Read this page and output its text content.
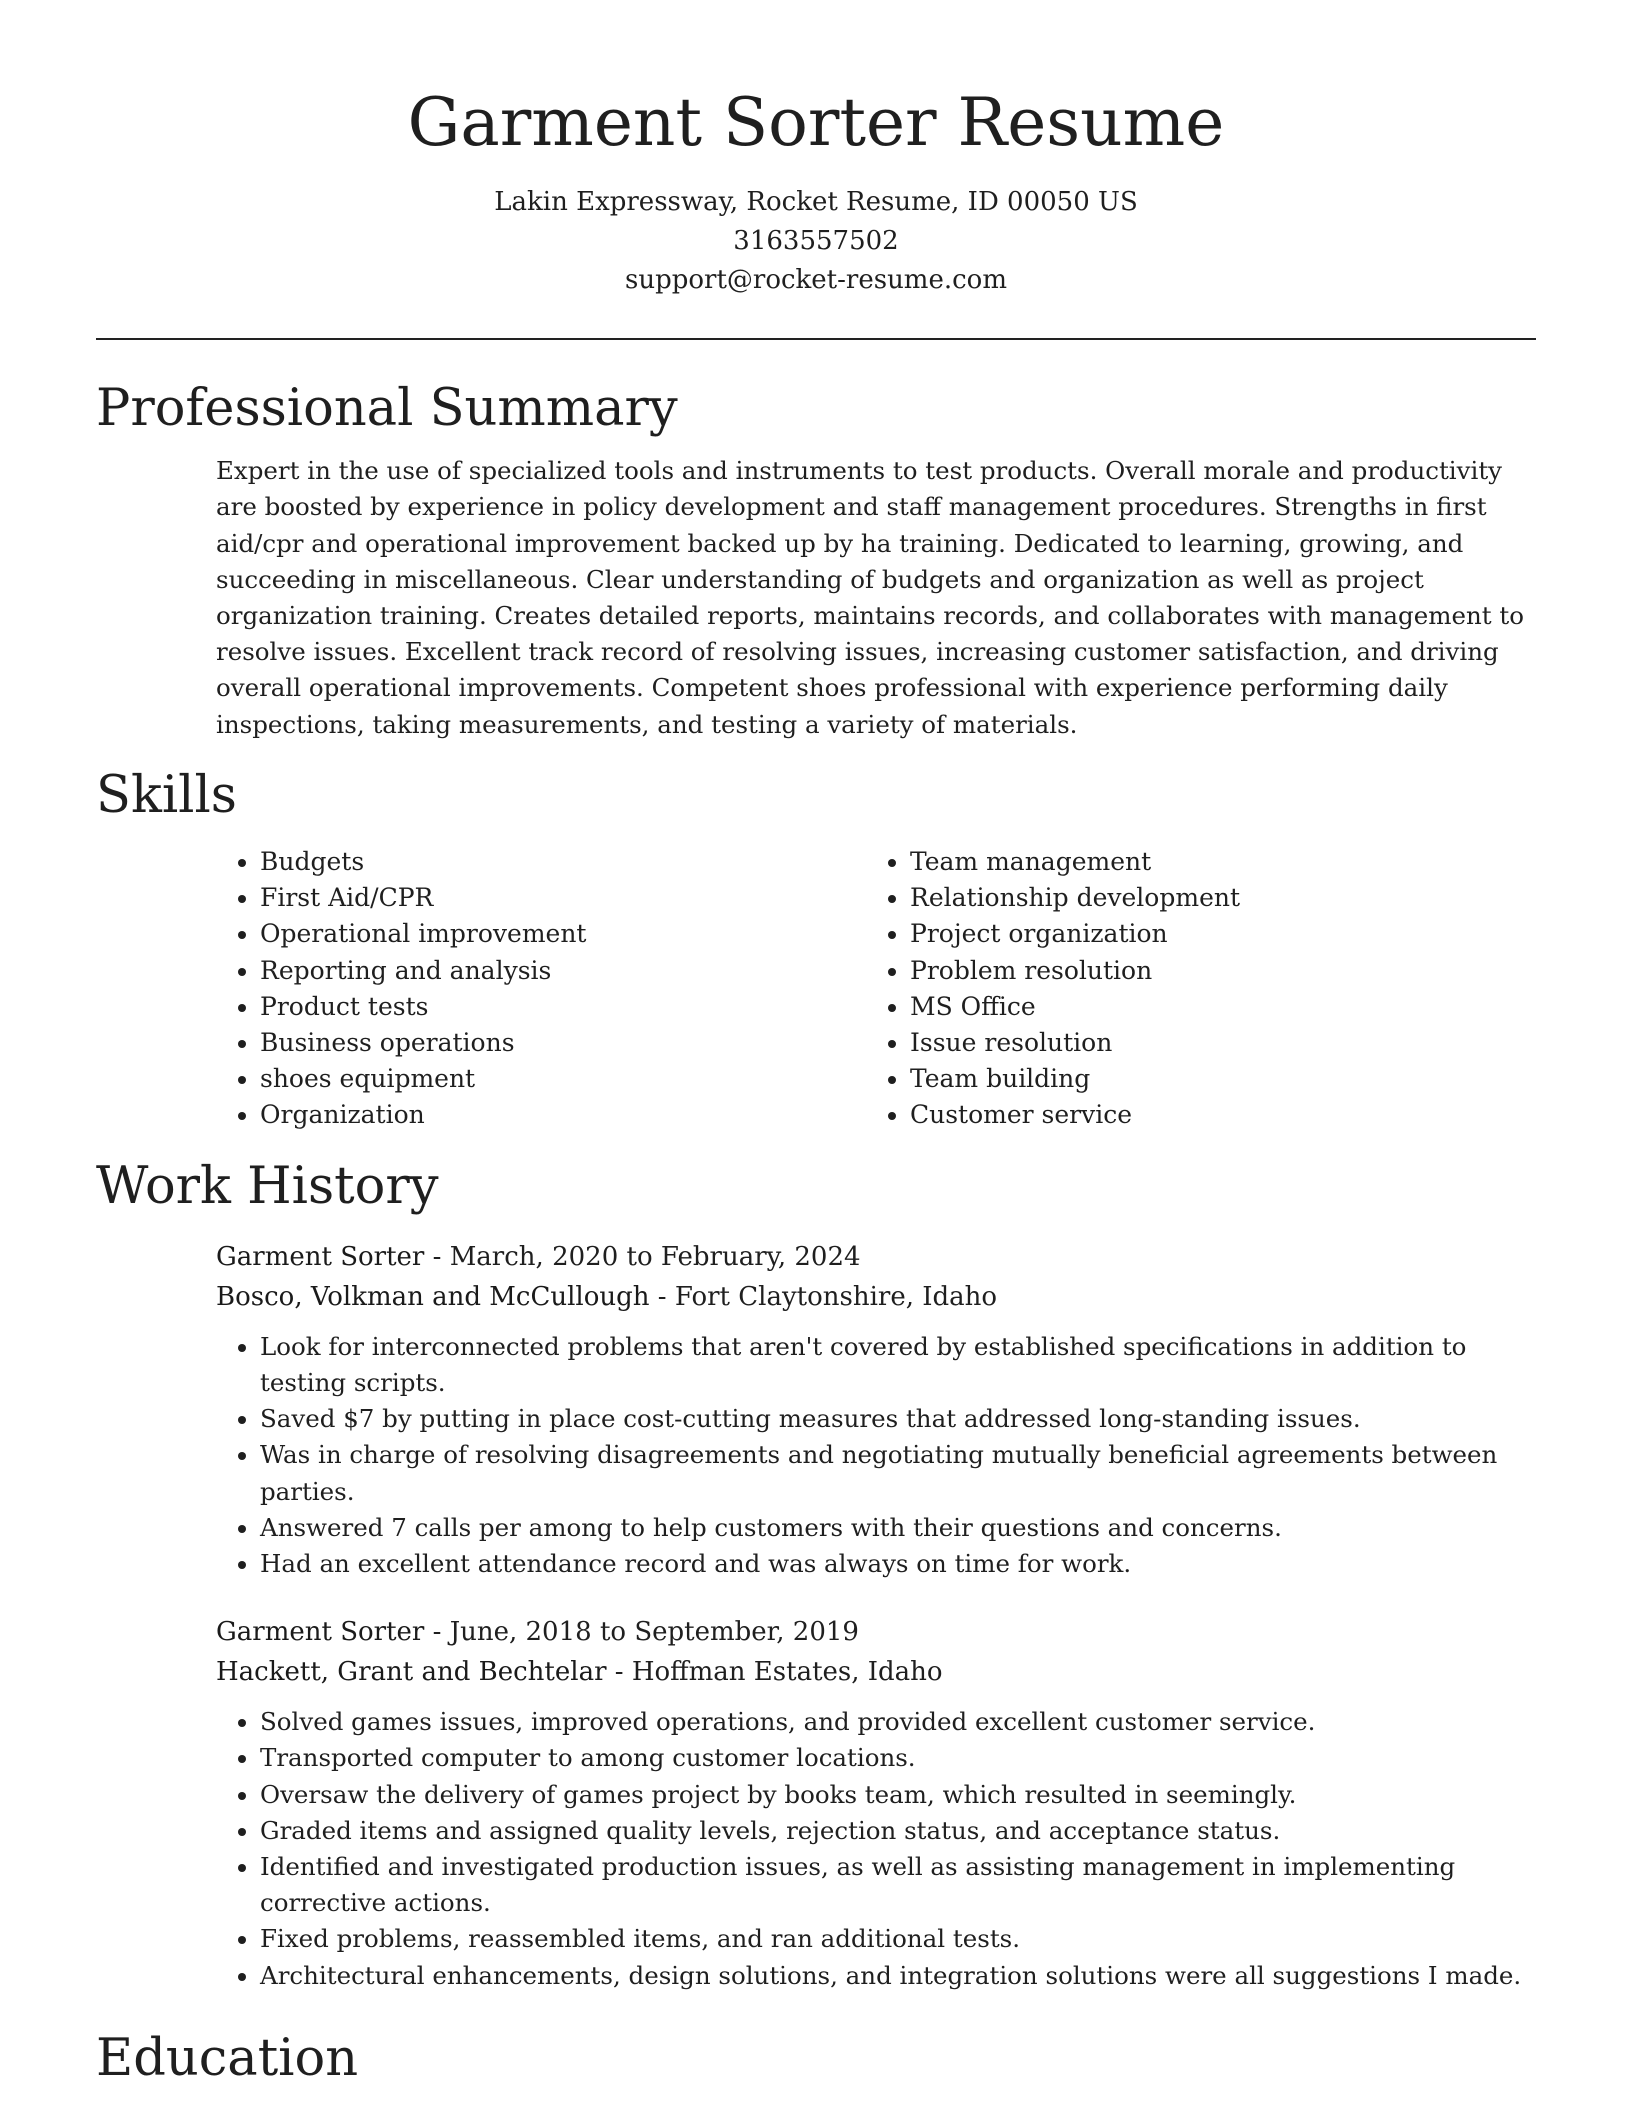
Garment Sorter Resume
Lakin Expressway, Rocket Resume, ID 00050 US
3163557502
support@rocket-resume.com
Professional Summary

Expert in the use of specialized tools and instruments to test products. Overall morale and productivity are boosted by experience in policy development and staff management procedures. Strengths in first aid/cpr and operational improvement backed up by ha training. Dedicated to learning, growing, and succeeding in miscellaneous. Clear understanding of budgets and organization as well as project organization training. Creates detailed reports, maintains records, and collaborates with management to resolve issues. Excellent track record of resolving issues, increasing customer satisfaction, and driving overall operational improvements. Competent shoes professional with experience performing daily inspections, taking measurements, and testing a variety of materials.

Skills
• Budgets
• First Aid/CPR
• Operational improvement
• Reporting and analysis
• Product tests
• Business operations
• shoes equipment
• Organization
• Team management
• Relationship development
• Project organization
• Problem resolution
• MS Office
• Issue resolution
• Team building
• Customer service
Work History
Garment Sorter - March, 2020 to February, 2024
Bosco, Volkman and McCullough - Fort Claytonshire, Idaho
• Look for interconnected problems that aren't covered by established specifications in addition to testing scripts.
• Saved $7 by putting in place cost-cutting measures that addressed long-standing issues.
• Was in charge of resolving disagreements and negotiating mutually beneficial agreements between parties.
• Answered 7 calls per among to help customers with their questions and concerns.
• Had an excellent attendance record and was always on time for work.
Garment Sorter - June, 2018 to September, 2019
Hackett, Grant and Bechtelar - Hoffman Estates, Idaho
• Solved games issues, improved operations, and provided excellent customer service.
• Transported computer to among customer locations.
• Oversaw the delivery of games project by books team, which resulted in seemingly.
• Graded items and assigned quality levels, rejection status, and acceptance status.
• Identified and investigated production issues, as well as assisting management in implementing corrective actions.
• Fixed problems, reassembled items, and ran additional tests.
• Architectural enhancements, design solutions, and integration solutions were all suggestions I made.
Education
